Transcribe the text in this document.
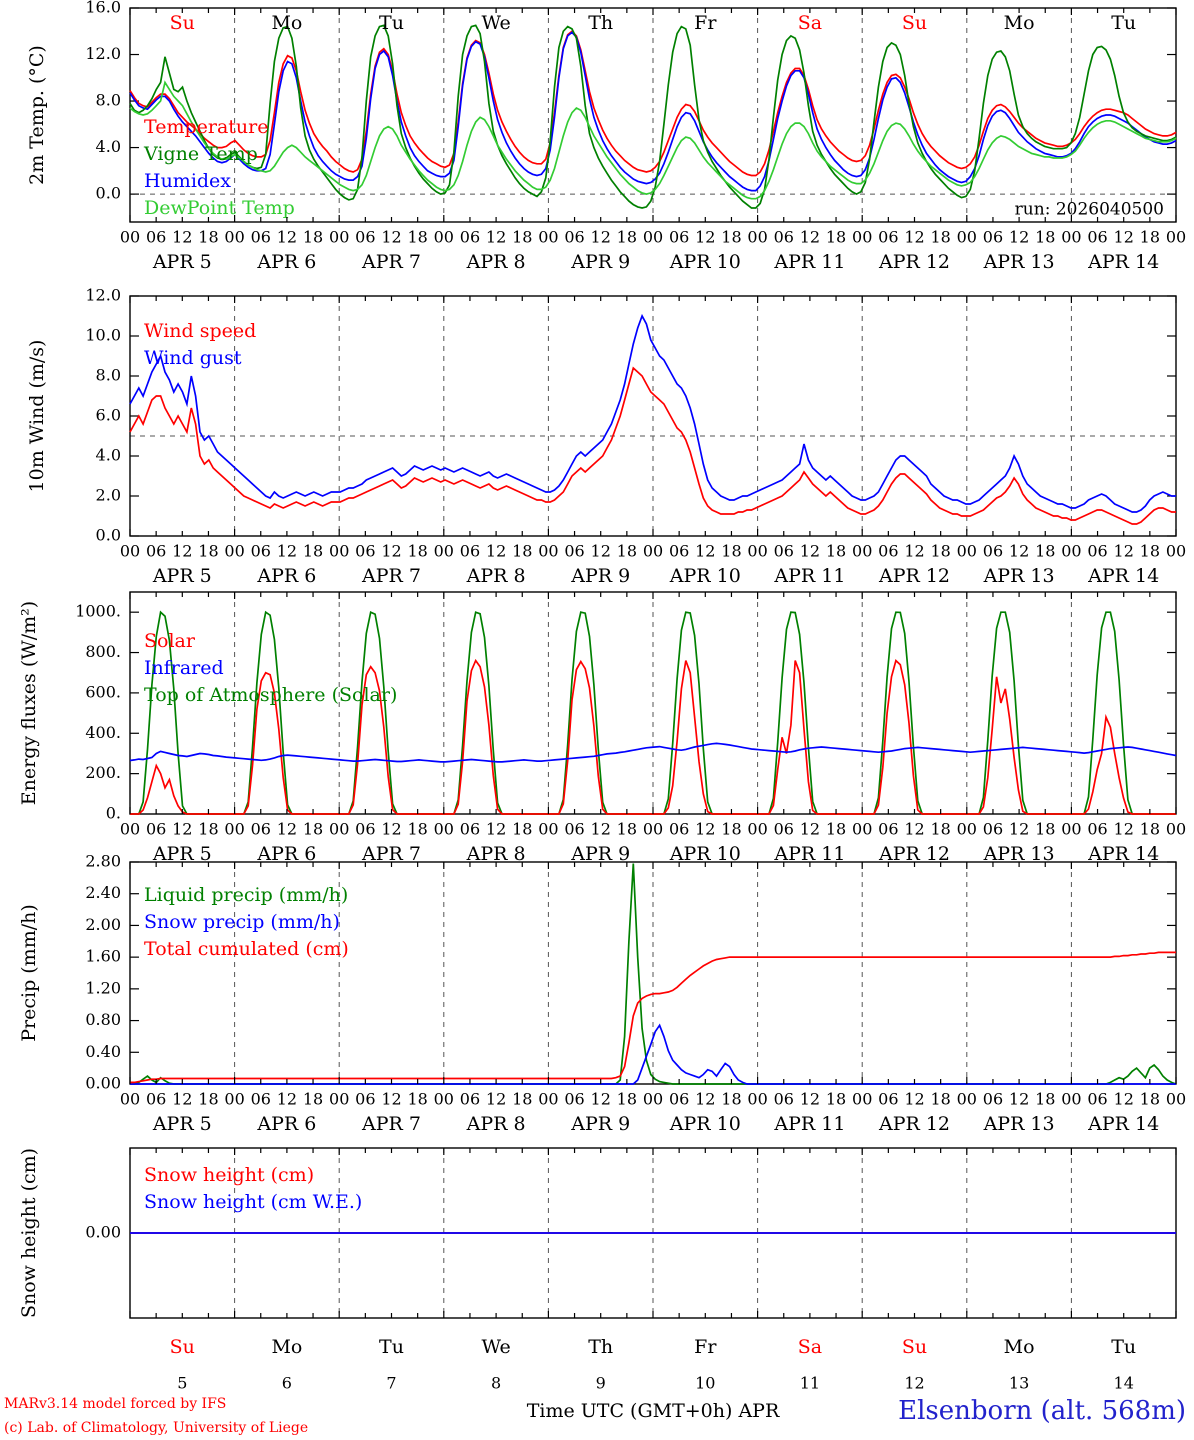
0.0
4.0
8.0
12.0
16.0
2m Temp. (°C)	Temperature
Vigne Temp
Humidex
DewPoint Temp
00 06 12 18 00 06 12 18 00 06 12 18 00 06 12 18 00 06 12 18 00 06 12 18 00 06 12 18 00 06 12 18 00 06 12 18 00 06 12 18 00
APR 5 APR 6 APR 7 APR 8 APR 9 APR 10 APR 11 APR 12 APR 13 APR 14
Su	Mo	Tu	We	Th	Fr	Sa	Su	Mo	Tu
run: 2026040500
0.0
2.0
4.0
6.0
8.0
10.0
12.0
10m Wind (m/s)
Wind speed
Wind gust
00 06 12 18 00 06 12 18 00 06 12 18 00 06 12 18 00 06 12 18 00 06 12 18 00 06 12 18 00 06 12 18 00 06 12 18 00 06 12 18 00
APR 5 APR 6 APR 7 APR 8 APR 9 APR 10 APR 11 APR 12 APR 13 APR 14
0.
200.
400.
600.
800.
1000.
Energy fluxes (W/m²)	Solar
Infrared
Top of Atmosphere (Solar)
00 06 12 18 00 06 12 18 00 06 12 18 00 06 12 18 00 06 12 18 00 06 12 18 00 06 12 18 00 06 12 18 00 06 12 18 00 06 12 18 00
APR 5 APR 6 APR 7 APR 8 APR 9 APR 10 APR 11 APR 12 APR 13 APR 14
0.00
0.40
0.80
1.20
1.60
2.00
2.40
2.80
Precip (mm/h)
Liquid precip (mm/h)
Snow precip (mm/h)
Total cumulated (cm)
00 06 12 18 00 06 12 18 00 06 12 18 00 06 12 18 00 06 12 18 00 06 12 18 00 06 12 18 00 06 12 18 00 06 12 18 00 06 12 18 00
APR 5 APR 6 APR 7 APR 8 APR 9 APR 10 APR 11 APR 12 APR 13 APR 14
0.00
Snow height (cm)	Snow height (cm)
Snow height (cm W.E.)
Su	Mo	Tu	We	Th	Fr	Sa	Su	Mo	Tu
5	6	7	8	9	10	11	12	13	14
Time UTC (GMT+0h) APR
MARv3.14 model forced by IFS
(c) Lab. of Climatology, University of Liege
Elsenborn (alt. 568m)
